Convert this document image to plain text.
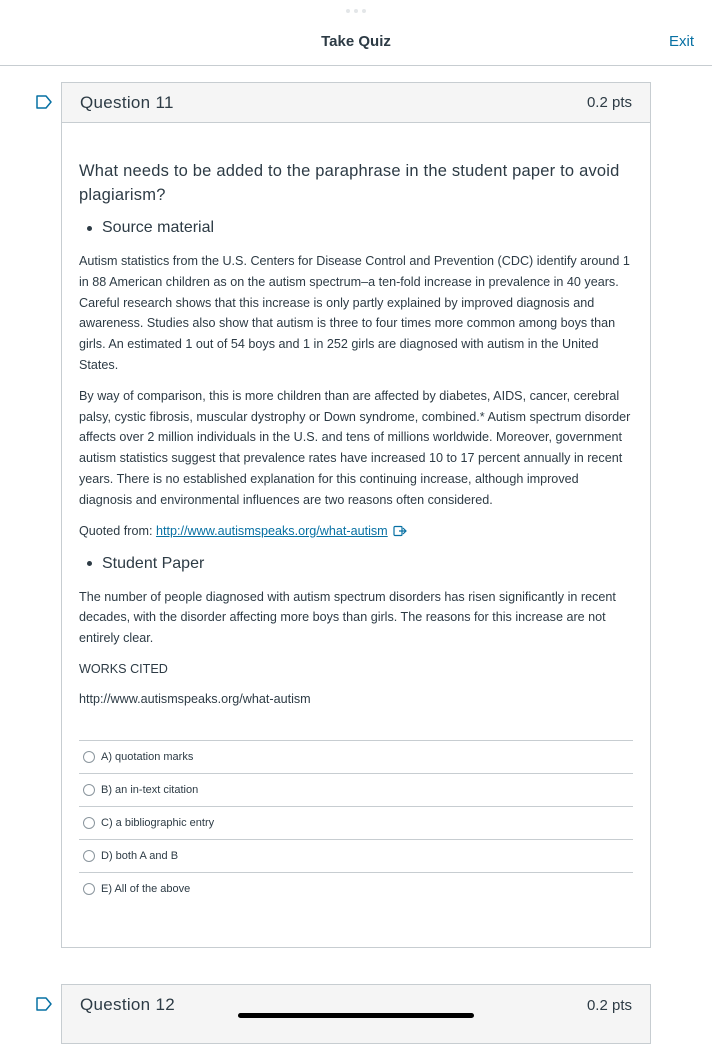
Take Quiz	Exit
Question 11	0.2 pts

What needs to be added to the paraphrase in the student paper to avoid plagiarism?

Source material

Autism statistics from the U.S. Centers for Disease Control and Prevention (CDC) identify around 1 in 88 American children as on the autism spectrum–a ten-fold increase in prevalence in 40 years. Careful research shows that this increase is only partly explained by improved diagnosis and awareness. Studies also show that autism is three to four times more common among boys than girls. An estimated 1 out of 54 boys and 1 in 252 girls are diagnosed with autism in the United States.

By way of comparison, this is more children than are affected by diabetes, AIDS, cancer, cerebral palsy, cystic fibrosis, muscular dystrophy or Down syndrome, combined.* Autism spectrum disorder affects over 2 million individuals in the U.S. and tens of millions worldwide. Moreover, government autism statistics suggest that prevalence rates have increased 10 to 17 percent annually in recent years. There is no established explanation for this continuing increase, although improved diagnosis and environmental influences are two reasons often considered.

Quoted from: http://www.autismspeaks.org/what-autism

Student Paper

The number of people diagnosed with autism spectrum disorders has risen significantly in recent decades, with the disorder affecting more boys than girls. The reasons for this increase are not entirely clear.

WORKS CITED

http://www.autismspeaks.org/what-autism

A) quotation marks
B) an in-text citation
C) a bibliographic entry
D) both A and B
E) All of the above
Question 12	0.2 pts
